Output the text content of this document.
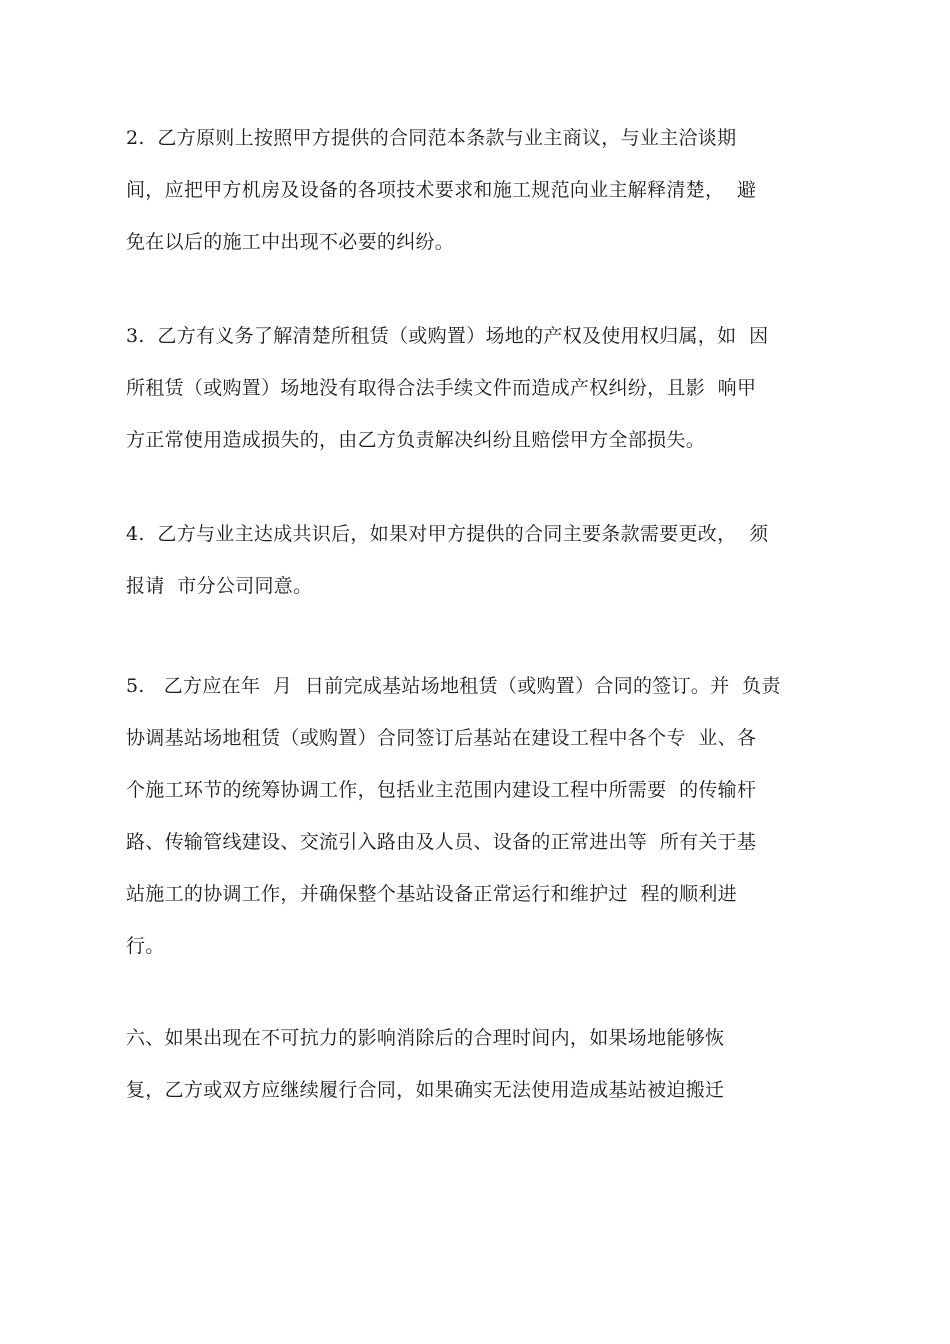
2.  乙方原则上按照甲方提供的合同范本条款与业主商议，与业主洽谈期
间，应把甲方机房及设备的各项技术要求和施工规范向业主解释清楚，  避
免在以后的施工中出现不必要的纠纷。
3.  乙方有义务了解清楚所租赁（或购置）场地的产权及使用权归属，如  因
所租赁（或购置）场地没有取得合法手续文件而造成产权纠纷，且影  响甲
方正常使用造成损失的，由乙方负责解决纠纷且赔偿甲方全部损失。
4.  乙方与业主达成共识后，如果对甲方提供的合同主要条款需要更改，  须
报请  市分公司同意。
5.   乙方应在年  月  日前完成基站场地租赁（或购置）合同的签订。并  负责
协调基站场地租赁（或购置）合同签订后基站在建设工程中各个专  业、各
个施工环节的统筹协调工作，包括业主范围内建设工程中所需要  的传输杆
路、传输管线建设、交流引入路由及人员、设备的正常进出等  所有关于基
站施工的协调工作，并确保整个基站设备正常运行和维护过  程的顺利进
行。
六、如果出现在不可抗力的影响消除后的合理时间内，如果场地能够恢
复，乙方或双方应继续履行合同，如果确实无法使用造成基站被迫搬迁
